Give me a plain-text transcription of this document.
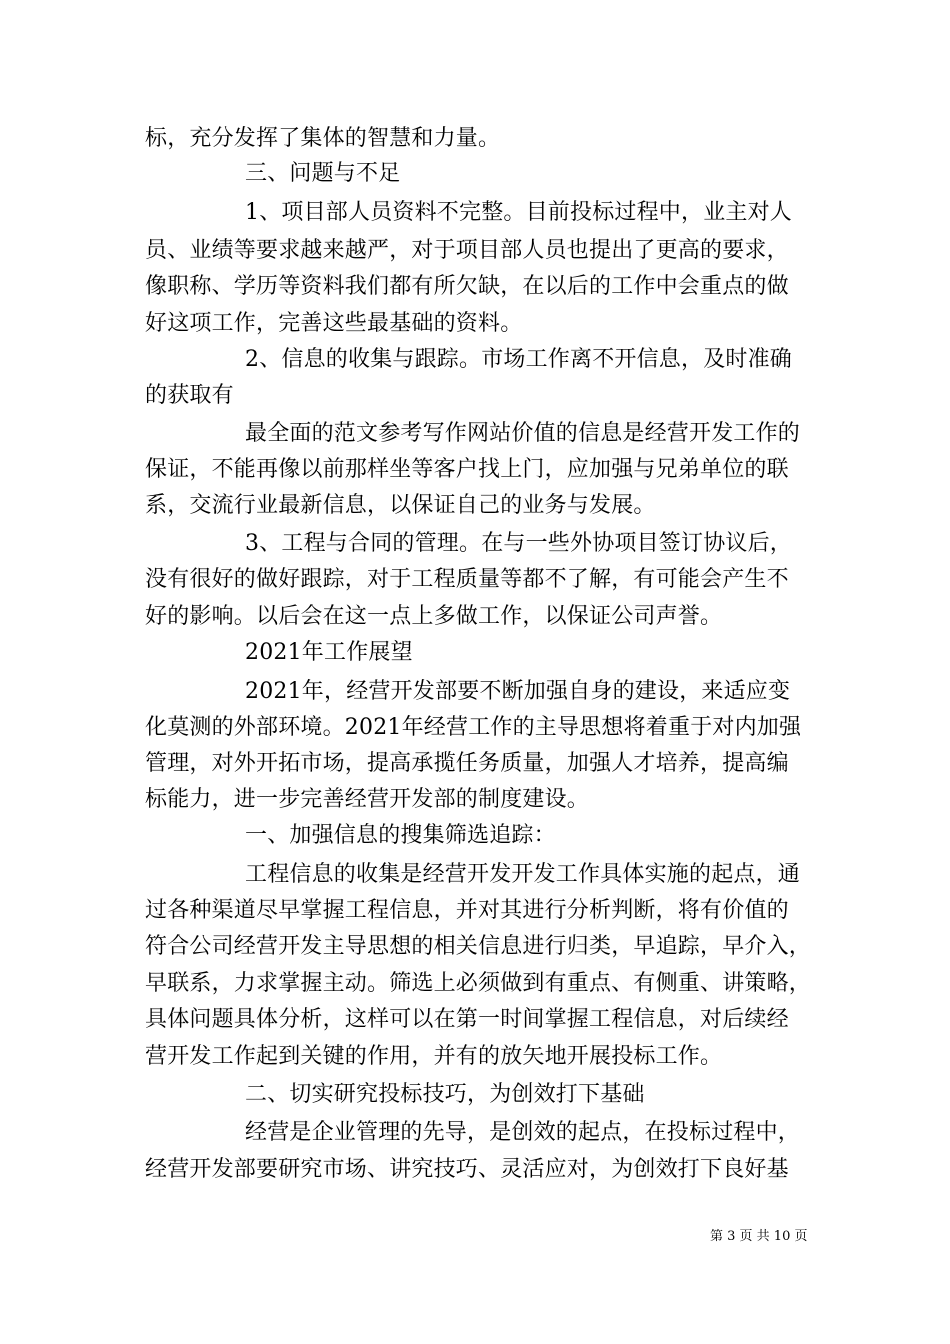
标，充分发挥了集体的智慧和力量。
三、问题与不足
1、项目部人员资料不完整。目前投标过程中，业主对人
员、业绩等要求越来越严，对于项目部人员也提出了更高的要求，
像职称、学历等资料我们都有所欠缺，在以后的工作中会重点的做
好这项工作，完善这些最基础的资料。
2、信息的收集与跟踪。市场工作离不开信息，及时准确
的获取有
最全面的范文参考写作网站价值的信息是经营开发工作的
保证，不能再像以前那样坐等客户找上门，应加强与兄弟单位的联
系，交流行业最新信息，以保证自己的业务与发展。
3、工程与合同的管理。在与一些外协项目签订协议后，
没有很好的做好跟踪，对于工程质量等都不了解，有可能会产生不
好的影响。以后会在这一点上多做工作，以保证公司声誉。
2021年工作展望
2021年，经营开发部要不断加强自身的建设，来适应变
化莫测的外部环境。2021年经营工作的主导思想将着重于对内加强
管理，对外开拓市场，提高承揽任务质量，加强人才培养，提高编
标能力，进一步完善经营开发部的制度建设。
一、加强信息的搜集筛选追踪：
工程信息的收集是经营开发开发工作具体实施的起点，通
过各种渠道尽早掌握工程信息，并对其进行分析判断，将有价值的
符合公司经营开发主导思想的相关信息进行归类，早追踪，早介入，
早联系，力求掌握主动。筛选上必须做到有重点、有侧重、讲策略，
具体问题具体分析，这样可以在第一时间掌握工程信息，对后续经
营开发工作起到关键的作用，并有的放矢地开展投标工作。
二、切实研究投标技巧，为创效打下基础
经营是企业管理的先导，是创效的起点，在投标过程中，
经营开发部要研究市场、讲究技巧、灵活应对，为创效打下良好基
第 3 页 共 10 页
